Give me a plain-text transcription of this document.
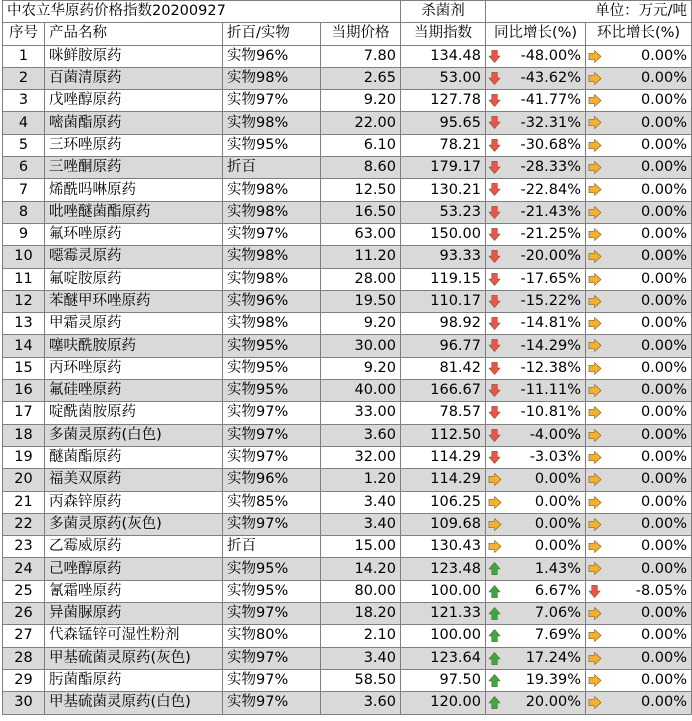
中农立华原药价格指数20200927				杀菌剂	单位：万元/吨	
序号	产品名称	折百/实物	当期价格	当期指数	同比增长(%)	环比增长(%)
1	咪鲜胺原药	实物96%	7.80	134.48	-48.00%	0.00%
2	百菌清原药	实物98%	2.65	53.00	-43.62%	0.00%
3	戊唑醇原药	实物97%	9.20	127.78	-41.77%	0.00%
4	嘧菌酯原药	实物98%	22.00	95.65	-32.31%	0.00%
5	三环唑原药	实物95%	6.10	78.21	-30.68%	0.00%
6	三唑酮原药	折百	8.60	179.17	-28.33%	0.00%
7	烯酰吗啉原药	实物98%	12.50	130.21	-22.84%	0.00%
8	吡唑醚菌酯原药	实物98%	16.50	53.23	-21.43%	0.00%
9	氟环唑原药	实物97%	63.00	150.00	-21.25%	0.00%
10	噁霉灵原药	实物98%	11.20	93.33	-20.00%	0.00%
11	氟啶胺原药	实物98%	28.00	119.15	-17.65%	0.00%
12	苯醚甲环唑原药	实物96%	19.50	110.17	-15.22%	0.00%
13	甲霜灵原药	实物98%	9.20	98.92	-14.81%	0.00%
14	噻呋酰胺原药	实物95%	30.00	96.77	-14.29%	0.00%
15	丙环唑原药	实物95%	9.20	81.42	-12.38%	0.00%
16	氟硅唑原药	实物95%	40.00	166.67	-11.11%	0.00%
17	啶酰菌胺原药	实物97%	33.00	78.57	-10.81%	0.00%
18	多菌灵原药(白色)	实物97%	3.60	112.50	-4.00%	0.00%
19	醚菌酯原药	实物97%	32.00	114.29	-3.03%	0.00%
20	福美双原药	实物96%	1.20	114.29	0.00%	0.00%
21	丙森锌原药	实物85%	3.40	106.25	0.00%	0.00%
22	多菌灵原药(灰色)	实物97%	3.40	109.68	0.00%	0.00%
23	乙霉威原药	折百	15.00	130.43	0.00%	0.00%
24	己唑醇原药	实物95%	14.20	123.48	1.43%	0.00%
25	氰霜唑原药	实物95%	80.00	100.00	6.67%	-8.05%
26	异菌脲原药	实物97%	18.20	121.33	7.06%	0.00%
27	代森锰锌可湿性粉剂	实物80%	2.10	100.00	7.69%	0.00%
28	甲基硫菌灵原药(灰色)	实物97%	3.40	123.64	17.24%	0.00%
29	肟菌酯原药	实物97%	58.50	97.50	19.39%	0.00%
30	甲基硫菌灵原药(白色)	实物97%	3.60	120.00	20.00%	0.00%
